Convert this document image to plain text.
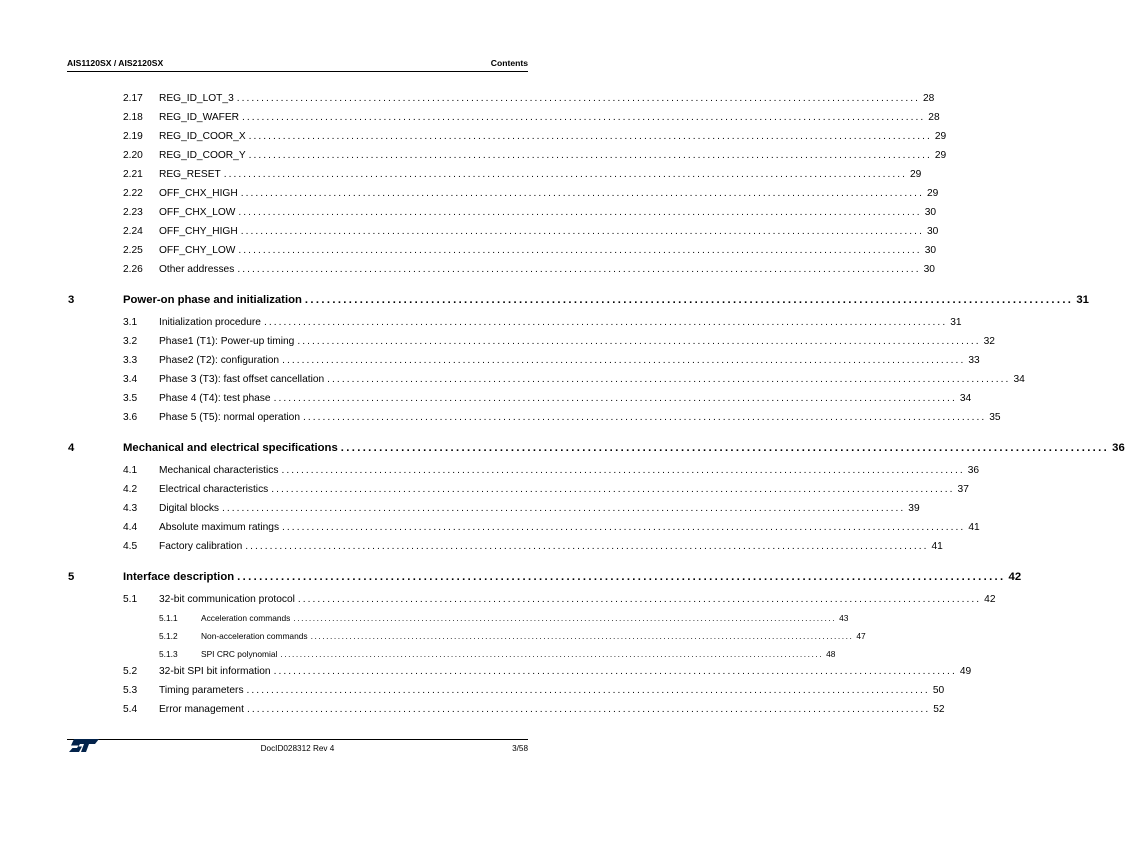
AIS1120SX / AIS2120SX	Contents
2.17 REG_ID_LOT_3 ............................................................................................................................................ 28
2.18 REG_ID_WAFER ............................................................................................................................................ 28
2.19 REG_ID_COOR_X ............................................................................................................................................ 29
2.20 REG_ID_COOR_Y ............................................................................................................................................ 29
2.21 REG_RESET ............................................................................................................................................ 29
2.22 OFF_CHX_HIGH ............................................................................................................................................ 29
2.23 OFF_CHX_LOW ............................................................................................................................................ 30
2.24 OFF_CHY_HIGH ............................................................................................................................................ 30
2.25 OFF_CHY_LOW ............................................................................................................................................ 30
2.26 Other addresses ............................................................................................................................................ 30
3	Power-on phase and initialization ............................................................................................................................................ 31
3.1 Initialization procedure ............................................................................................................................................ 31
3.2 Phase1 (T1): Power-up timing ............................................................................................................................................ 32
3.3 Phase2 (T2): configuration ............................................................................................................................................ 33
3.4 Phase 3 (T3): fast offset cancellation ............................................................................................................................................ 34
3.5 Phase 4 (T4): test phase ............................................................................................................................................ 34
3.6 Phase 5 (T5): normal operation ............................................................................................................................................ 35
4	Mechanical and electrical specifications ............................................................................................................................................ 36
4.1 Mechanical characteristics ............................................................................................................................................ 36
4.2 Electrical characteristics ............................................................................................................................................ 37
4.3 Digital blocks ............................................................................................................................................ 39
4.4 Absolute maximum ratings ............................................................................................................................................ 41
4.5 Factory calibration ............................................................................................................................................ 41
5	Interface description ............................................................................................................................................ 42
5.1 32-bit communication protocol ............................................................................................................................................ 42
5.1.1	Acceleration commands ............................................................................................................................................ 43
5.1.2	Non-acceleration commands ............................................................................................................................................ 47
5.1.3	SPI CRC polynomial ............................................................................................................................................ 48
5.2 32-bit SPI bit information ............................................................................................................................................ 49
5.3 Timing parameters ............................................................................................................................................ 50
5.4 Error management ............................................................................................................................................ 52
DocID028312 Rev 4	3/58
